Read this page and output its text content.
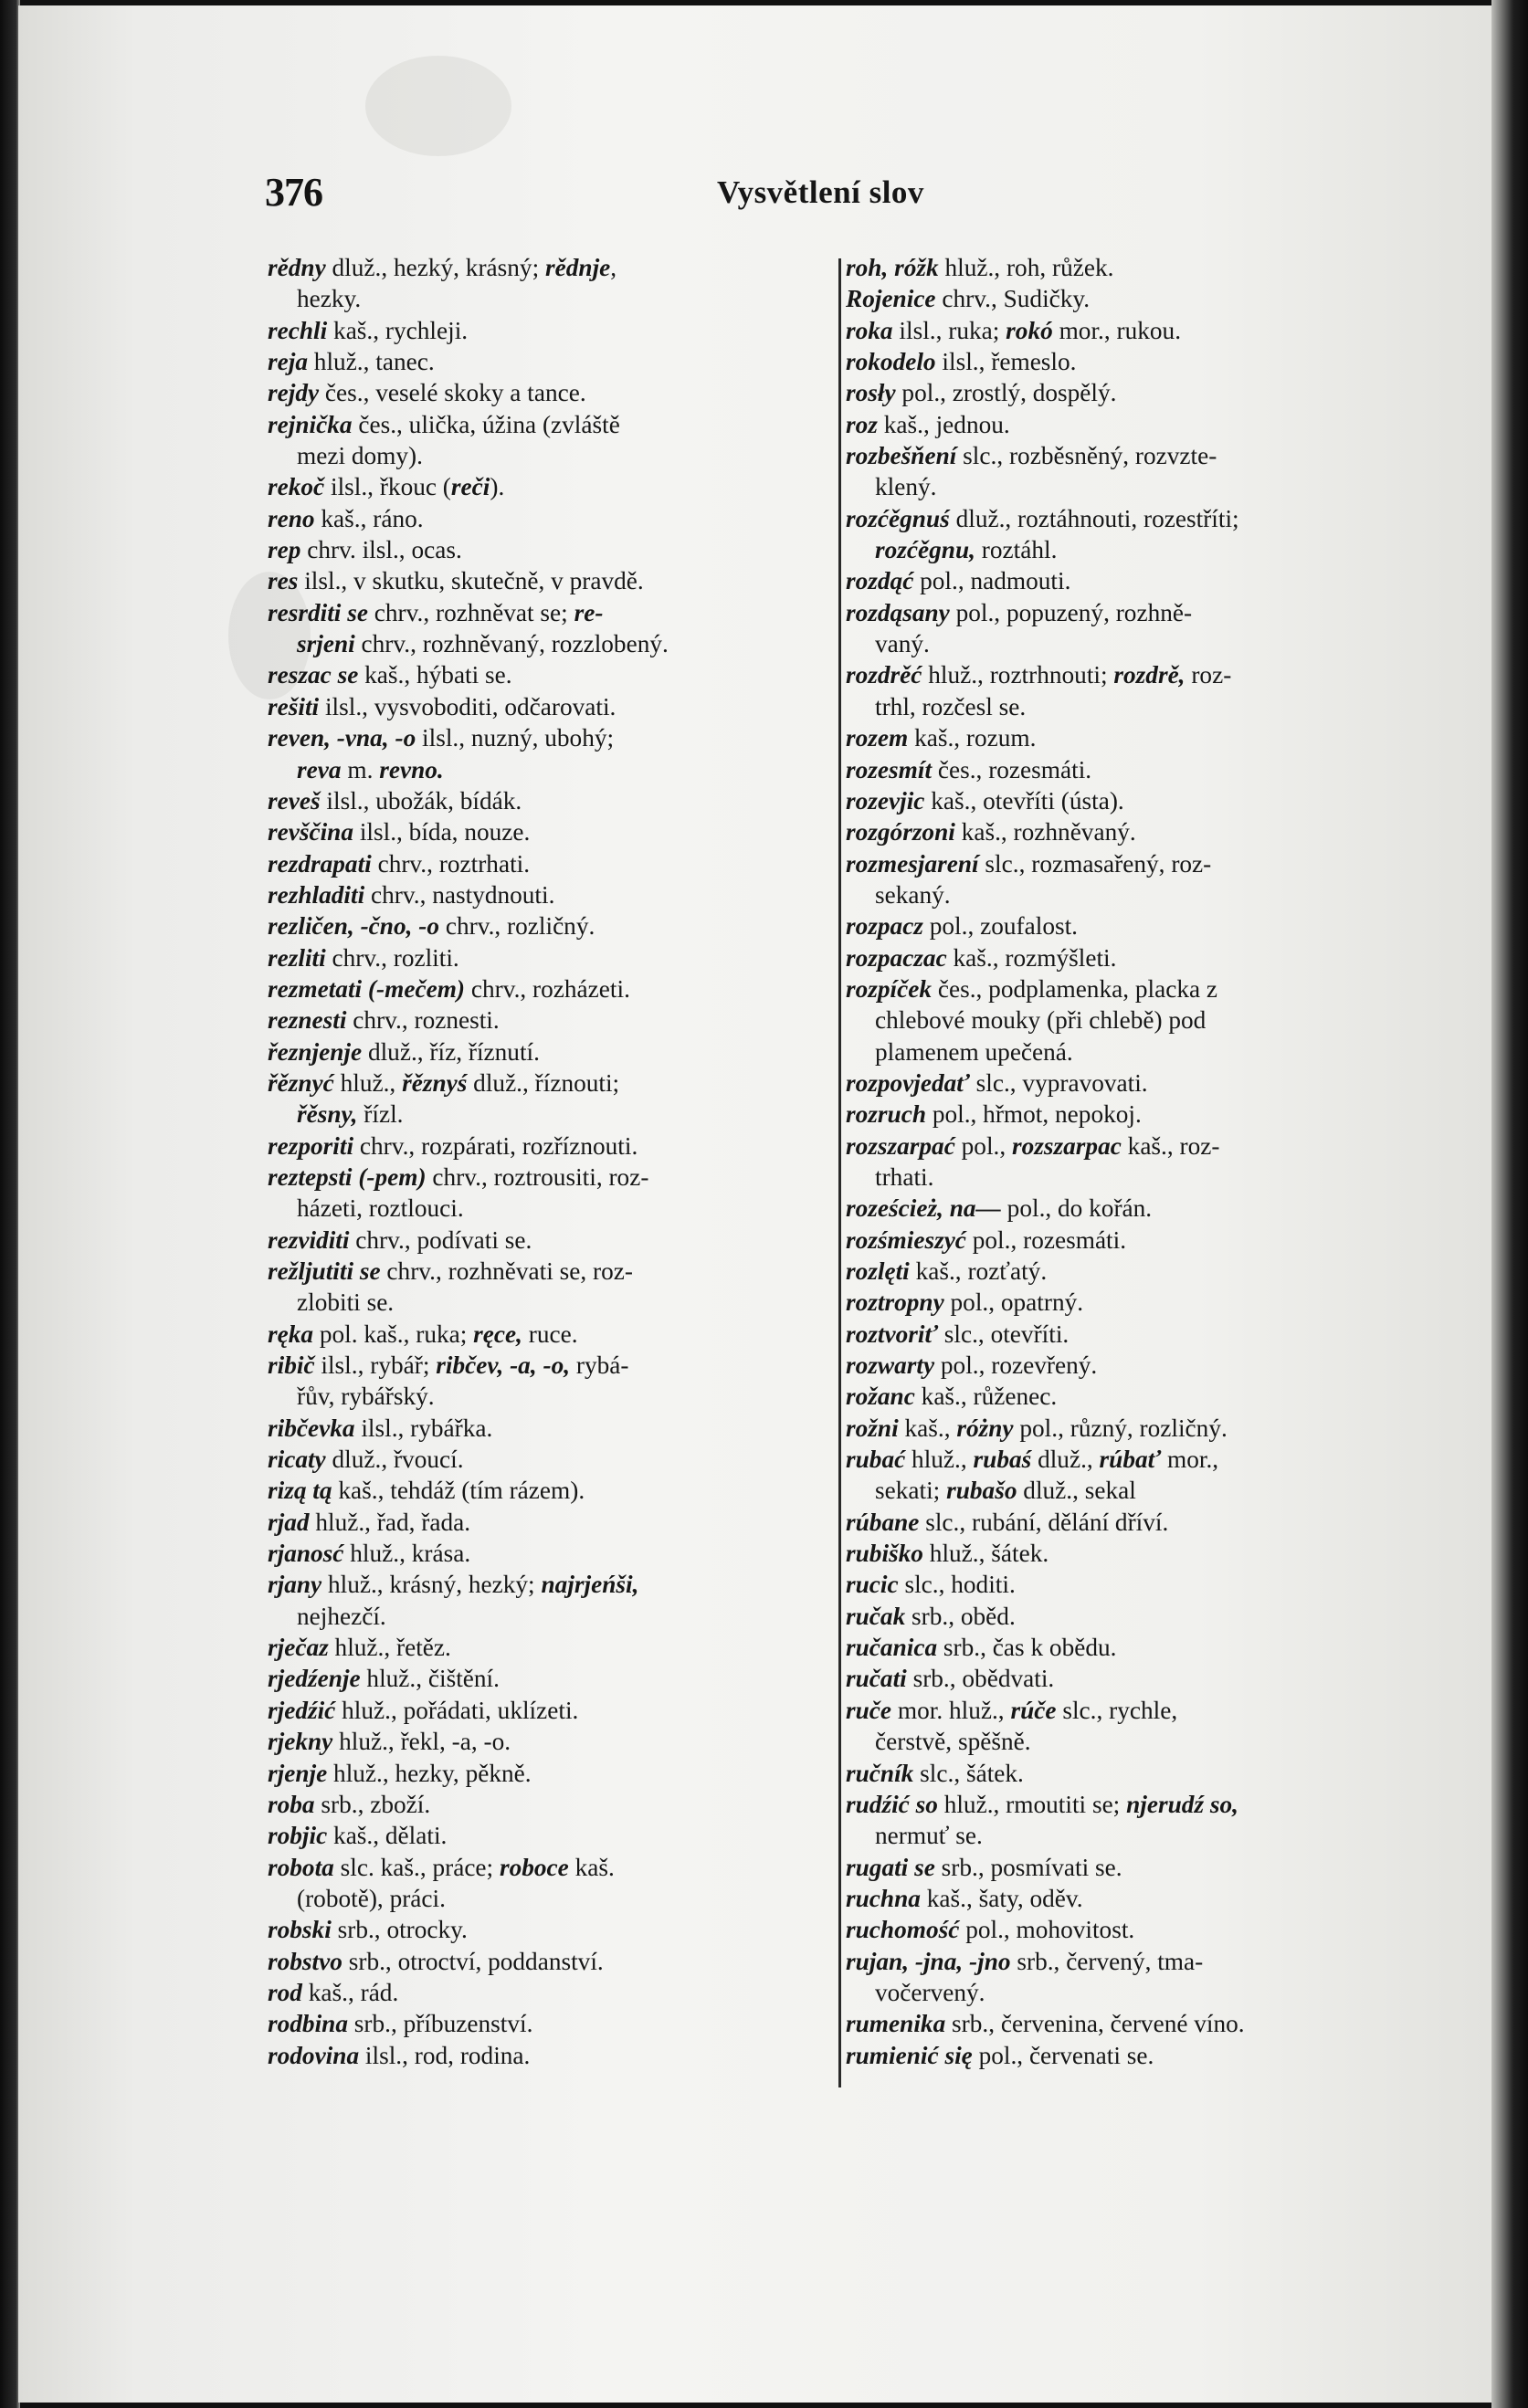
376	Vysvětlení slov
rědny dluž., hezký, krásný; rědnje,
hezky.
rechli kaš., rychleji.
reja hluž., tanec.
rejdy čes., veselé skoky a tance.
rejnička čes., ulička, úžina (zvláště
mezi domy).
rekoč ilsl., řkouc (reči).
reno kaš., ráno.
rep chrv. ilsl., ocas.
res ilsl., v skutku, skutečně, v pravdě.
resrditi se chrv., rozhněvat se; re-
srjeni chrv., rozhněvaný, rozzlobený.
reszac se kaš., hýbati se.
rešiti ilsl., vysvoboditi, odčarovati.
reven, -vna, -o ilsl., nuzný, ubohý;
reva m. revno.
reveš ilsl., ubožák, bídák.
revščina ilsl., bída, nouze.
rezdrapati chrv., roztrhati.
rezhladiti chrv., nastydnouti.
rezličen, -čno, -o chrv., rozličný.
rezliti chrv., rozliti.
rezmetati (-mečem) chrv., rozházeti.
reznesti chrv., roznesti.
řeznjenje dluž., říz, říznutí.
řěznyć hluž., řěznyś dluž., říznouti;
řěsny, řízl.
rezporiti chrv., rozpárati, rozříznouti.
reztepsti (-pem) chrv., roztrousiti, roz-
házeti, roztlouci.
rezviditi chrv., podívati se.
režljutiti se chrv., rozhněvati se, roz-
zlobiti se.
ręka pol. kaš., ruka; ręce, ruce.
ribič ilsl., rybář; ribčev, -a, -o, rybá-
řův, rybářský.
ribčevka ilsl., rybářka.
ricaty dluž., řvoucí.
rizą tą kaš., tehdáž (tím rázem).
rjad hluž., řad, řada.
rjanosć hluž., krása.
rjany hluž., krásný, hezký; najrjeńši,
nejhezčí.
rječaz hluž., řetěz.
rjedźenje hluž., čištění.
rjedźić hluž., pořádati, uklízeti.
rjekny hluž., řekl, -a, -o.
rjenje hluž., hezky, pěkně.
roba srb., zboží.
robjic kaš., dělati.
robota slc. kaš., práce; roboce kaš.
(robotě), práci.
robski srb., otrocky.
robstvo srb., otroctví, poddanství.
rod kaš., rád.
rodbina srb., příbuzenství.
rodovina ilsl., rod, rodina.
roh, róžk hluž., roh, růžek.
Rojenice chrv., Sudičky.
roka ilsl., ruka; rokó mor., rukou.
rokodelo ilsl., řemeslo.
rosły pol., zrostlý, dospělý.
roz kaš., jednou.
rozbešňení slc., rozběsněný, rozvzte-
klený.
rozćěgnuś dluž., roztáhnouti, rozestříti;
rozćěgnu, roztáhl.
rozdąć pol., nadmouti.
rozdąsany pol., popuzený, rozhně-
vaný.
rozdrěć hluž., roztrhnouti; rozdrě, roz-
trhl, rozčesl se.
rozem kaš., rozum.
rozesmít čes., rozesmáti.
rozevjic kaš., otevříti (ústa).
rozgórzoni kaš., rozhněvaný.
rozmesjarení slc., rozmasařený, roz-
sekaný.
rozpacz pol., zoufalost.
rozpaczac kaš., rozmýšleti.
rozpíček čes., podplamenka, placka z
chlebové mouky (při chlebě) pod
plamenem upečená.
rozpovjedať slc., vypravovati.
rozruch pol., hřmot, nepokoj.
rozszarpać pol., rozszarpac kaš., roz-
trhati.
roześcież, na— pol., do kořán.
rozśmieszyć pol., rozesmáti.
rozlęti kaš., rozťatý.
roztropny pol., opatrný.
roztvoriť slc., otevříti.
rozwarty pol., rozevřený.
rožanc kaš., růženec.
rožni kaš., różny pol., různý, rozličný.
rubać hluž., rubaś dluž., rúbať mor.,
sekati; rubašo dluž., sekal
rúbane slc., rubání, dělání dříví.
rubiško hluž., šátek.
rucic slc., hoditi.
ručak srb., oběd.
ručanica srb., čas k obědu.
ručati srb., obědvati.
ruče mor. hluž., rúče slc., rychle,
čerstvě, spěšně.
ručník slc., šátek.
rudźić so hluž., rmoutiti se; njerudź so,
nermuť se.
rugati se srb., posmívati se.
ruchna kaš., šaty, oděv.
ruchomość pol., mohovitost.
rujan, -jna, -jno srb., červený, tma-
vočervený.
rumenika srb., červenina, červené víno.
rumienić się pol., červenati se.
